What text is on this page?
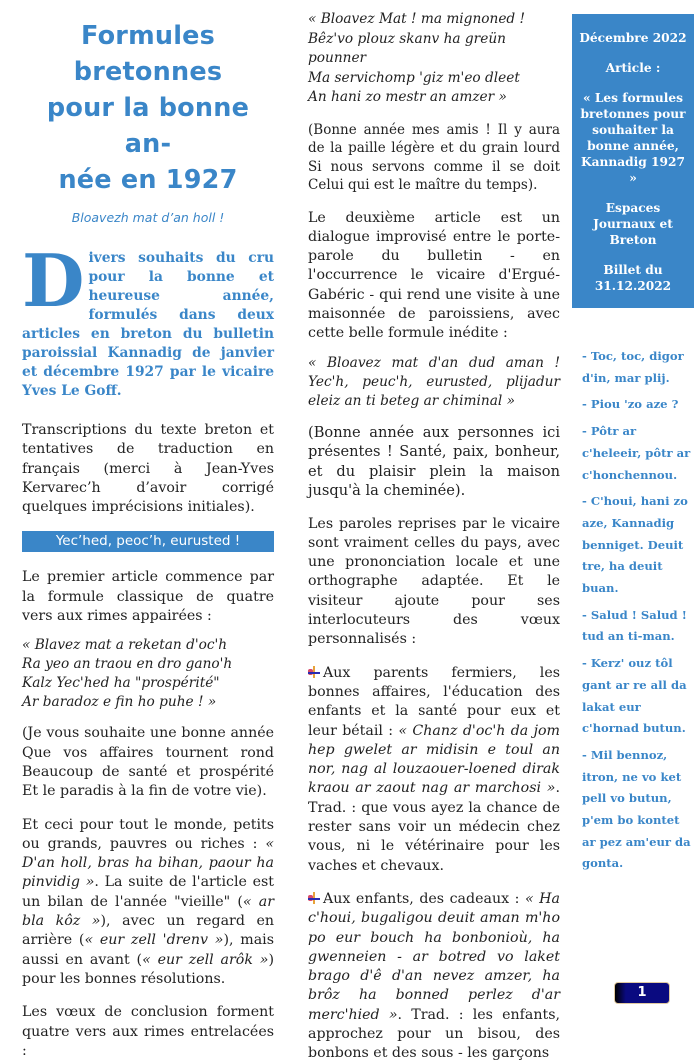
Formules bretonnes
pour la bonne an-
née en 1927
Bloavezh mat d’an holl !
Divers souhaits du cru pour la bonne et heureuse année, formulés dans deux articles en breton du bulletin paroissial Kannadig de janvier et décembre 1927 par le vicaire Yves Le Goff.

Transcriptions du texte breton et tentatives de traduction en français (merci à Jean-Yves Kervarec’h d’avoir corrigé quelques imprécisions initiales).

Yec’hed, peoc’h, eurusted !

Le premier article commence par la formule classique de quatre vers aux rimes appairées :

« Blavez mat a reketan d'oc'h
Ra yeo an traou en dro gano'h
Kalz Yec'hed ha "prospérité"
Ar baradoz e fin ho puhe ! »

(Je vous souhaite une bonne année Que vos affaires tournent rond Beaucoup de santé et prospérité Et le paradis à la fin de votre vie).

Et ceci pour tout le monde, petits ou grands, pauvres ou riches : « D'an holl, bras ha bihan, paour ha pinvidig ». La suite de l'article est un bilan de l'année "vieille" (« ar bla kôz »), avec un regard en arrière (« eur zell 'drenv »), mais aussi en avant (« eur zell arôk ») pour les bonnes résolutions.

Les vœux de conclusion forment quatre vers aux rimes entrelacées :

« Bloavez Mat ! ma mignoned !
Bêz'vo plouz skanv ha greün pounner
Ma servichomp 'giz m'eo dleet
An hani zo mestr an amzer »

(Bonne année mes amis ! Il y aura de la paille légère et du grain lourd Si nous servons comme il se doit Celui qui est le maître du temps).

Le deuxième article est un dialogue improvisé entre le porte-parole du bulletin - en l'occurrence le vicaire d'Ergué-Gabéric - qui rend une visite à une maisonnée de paroissiens, avec cette belle formule inédite :

« Bloavez mat d'an dud aman ! Yec'h, peuc'h, eurusted, plijadur eleiz an ti beteg ar chiminal »

(Bonne année aux personnes ici présentes ! Santé, paix, bonheur, et du plaisir plein la maison jusqu'à la cheminée).

Les paroles reprises par le vicaire sont vraiment celles du pays, avec une prononciation locale et une orthographe adaptée. Et le visiteur ajoute pour ses interlocuteurs des vœux personnalisés :

Aux parents fermiers, les bonnes affaires, l'éducation des enfants et la santé pour eux et leur bétail : « Chanz d'oc'h da jom hep gwelet ar midisin e toul an nor, nag al louzaouer-loened dirak kraou ar zaout nag ar marchosi ». Trad. : que vous ayez la chance de rester sans voir un médecin chez vous, ni le vétérinaire pour les vaches et chevaux.

Aux enfants, des cadeaux : « Ha c'houi, bugaligou deuit aman m'ho po eur bouch ha bonbonioù, ha gwenneien - ar botred vo laket brago d'ê d'an nevez amzer, ha brôz ha bonned perlez d'ar merc'hied ». Trad. : les enfants, approchez pour un bisou, des bonbons et des sous - les garçons

Décembre 2022
Article :
« Les formules bretonnes pour souhaiter la bonne année, Kannadig 1927 »
Espaces Journaux et Breton
Billet du 31.12.2022

- Toc, toc, digor d'in, mar plij.

- Piou 'zo aze ?

- Pôtr ar c'heleeir, pôtr ar c'honchennou.

- C'houi, hani zo aze, Kannadig benniget. Deuit tre, ha deuit buan.

- Salud ! Salud ! tud an ti-man.

- Kerz' ouz tôl gant ar re all da lakat eur c'hornad butun.

- Mil bennoz, itron, ne vo ket pell vo butun, p'em bo kontet ar pez am'eur da gonta.

1
